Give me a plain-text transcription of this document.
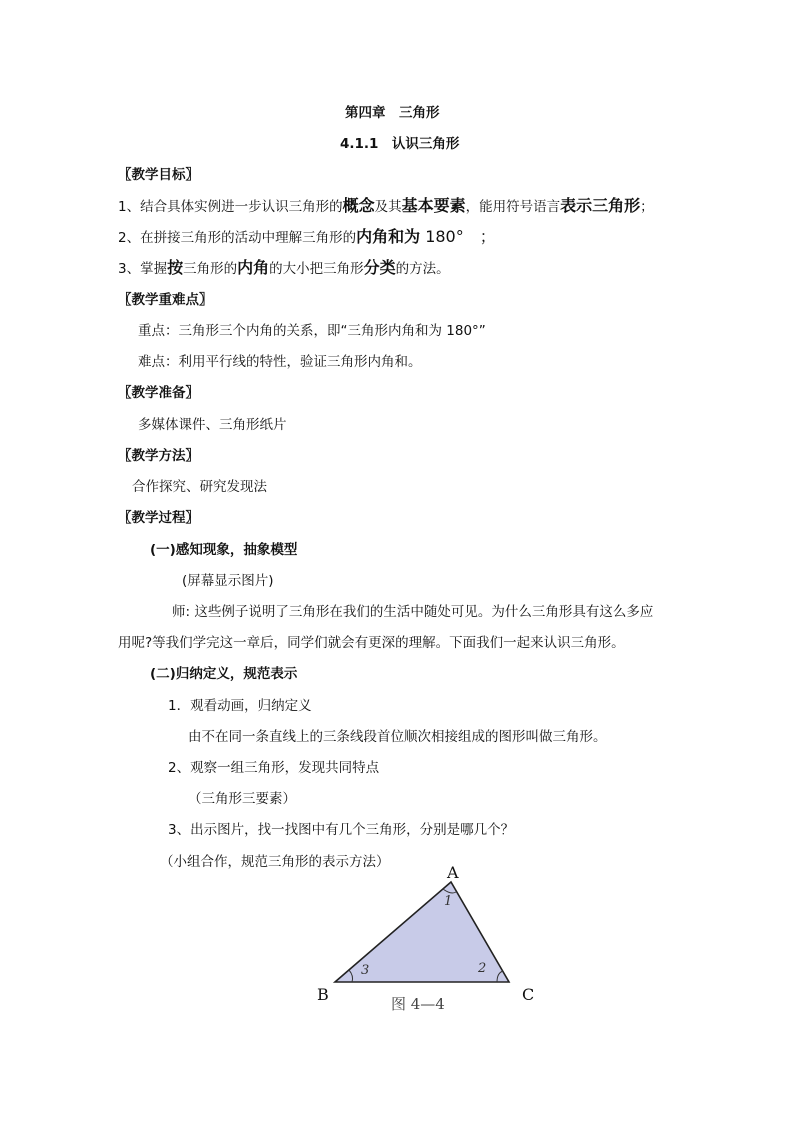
第四章　三角形
4.1.1　认识三角形
〖教学目标〗
1、结合具体实例进一步认识三角形的概念及其基本要素，能用符号语言表示三角形；
2、在拼接三角形的活动中理解三角形的内角和为 180°　；
3、掌握按三角形的内角的大小把三角形分类的方法。
〖教学重难点〗
重点：三角形三个内角的关系，即“三角形内角和为 180°”
难点：利用平行线的特性，验证三角形内角和。
〖教学准备〗
多媒体课件、三角形纸片
〖教学方法〗
合作探究、研究发现法
〖教学过程〗
(一)感知现象，抽象模型
(屏幕显示图片)
师: 这些例子说明了三角形在我们的生活中随处可见。为什么三角形具有这么多应
用呢?等我们学完这一章后，同学们就会有更深的理解。下面我们一起来认识三角形。
(二)归纳定义，规范表示
1．观看动画，归纳定义
由不在同一条直线上的三条线段首位顺次相接组成的图形叫做三角形。
2、观察一组三角形，发现共同特点
（三角形三要素）
3、出示图片，找一找图中有几个三角形，分别是哪几个？
（小组合作，规范三角形的表示方法）
A
B	C
1
2
3
图 4—4
